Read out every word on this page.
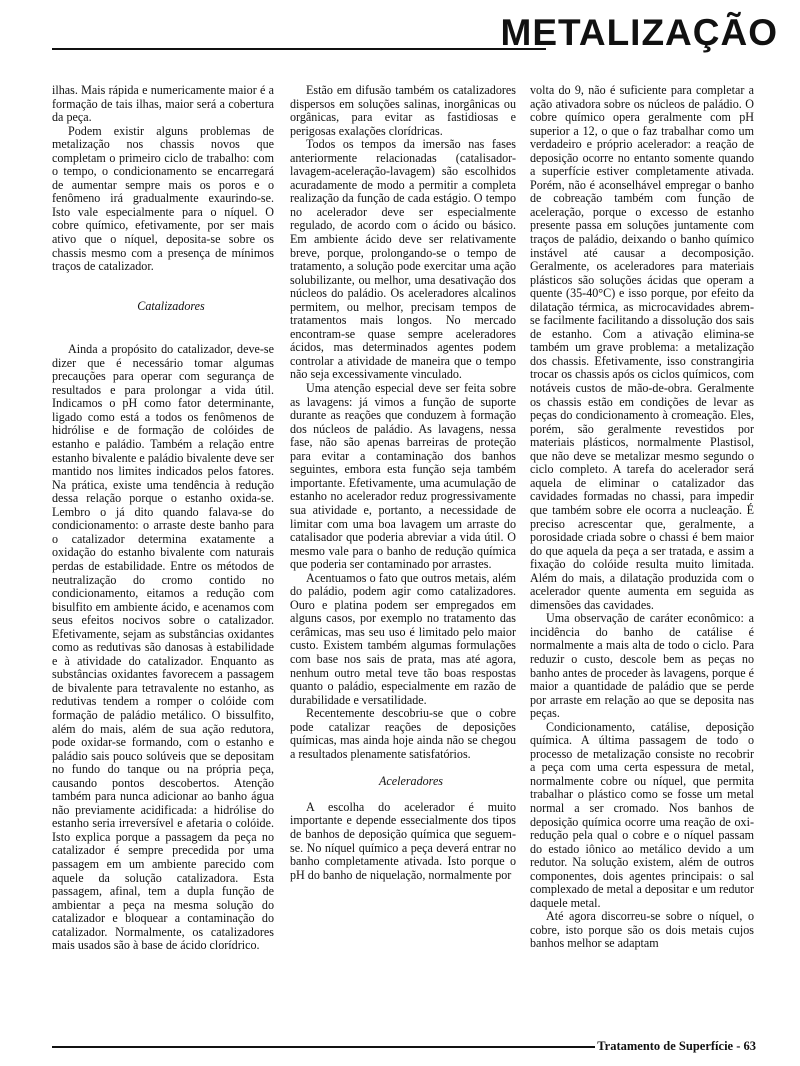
METALIZAÇÃO

ilhas. Mais rápida e numericamente maior é a formação de tais ilhas, maior será a cobertura da peça.

Podem existir alguns problemas de metalização nos chassis novos que completam o primeiro ciclo de trabalho: com o tempo, o condicionamento se encarregará de aumentar sempre mais os poros e o fenômeno irá gradualmente exaurindo-se. Isto vale especialmente para o níquel. O cobre químico, efetivamente, por ser mais ativo que o níquel, deposita-se sobre os chassis mesmo com a presença de mínimos traços de catalizador.

Catalizadores

Ainda a propósito do catalizador, deve-se dizer que é necessário tomar algumas precauções para operar com segurança de resultados e para prolongar a vida útil. Indicamos o pH como fator determinante, ligado como está a todos os fenômenos de hidrólise e de formação de colóides de estanho e paládio. Também a relação entre estanho bivalente e paládio bivalente deve ser mantido nos limites indicados pelos fatores. Na prática, existe uma tendência à redução dessa relação porque o estanho oxida-se. Lembro o já dito quando falava-se do condicionamento: o arraste deste banho para o catalizador determina exatamente a oxidação do estanho bivalente com naturais perdas de estabilidade. Entre os métodos de neutralização do cromo contido no condicionamento, eitamos a redução com bisulfito em ambiente ácido, e acenamos com seus efeitos nocivos sobre o catalizador. Efetivamente, sejam as substâncias oxidantes como as redutivas são danosas à estabilidade e à atividade do catalizador. Enquanto as substâncias oxidantes favorecem a passagem de bivalente para tetravalente no estanho, as redutivas tendem a romper o colóide com formação de paládio metálico. O bissulfito, além do mais, além de sua ação redutora, pode oxidar-se formando, com o estanho e paládio sais pouco solúveis que se depositam no fundo do tanque ou na própria peça, causando pontos descobertos. Atenção também para nunca adicionar ao banho água não previamente acidificada: a hidrólise do estanho seria irreversível e afetaria o colóide. Isto explica porque a passagem da peça no catalizador é sempre precedida por uma passagem em um ambiente parecido com aquele da solução catalizadora. Esta passagem, afinal, tem a dupla função de ambientar a peça na mesma solução do catalizador e bloquear a contaminação do catalizador. Normalmente, os catalizadores mais usados são à base de ácido clorídrico.

Estão em difusão também os catalizadores dispersos em soluções salinas, inorgânicas ou orgânicas, para evitar as fastidiosas e perigosas exalações clorídricas.

Todos os tempos da imersão nas fases anteriormente relacionadas (catalisador- lavagem-aceleração-lavagem) são escolhidos acuradamente de modo a permitir a completa realização da função de cada estágio. O tempo no acelerador deve ser especialmente regulado, de acordo com o ácido ou básico. Em ambiente ácido deve ser relativamente breve, porque, prolongando-se o tempo de tratamento, a solução pode exercitar uma ação solubilizante, ou melhor, uma desativação dos núcleos do paládio. Os aceleradores alcalinos permitem, ou melhor, precisam tempos de tratamentos mais longos. No mercado encontram-se quase sempre aceleradores ácidos, mas determinados agentes podem controlar a atividade de maneira que o tempo não seja excessivamente vinculado.

Uma atenção especial deve ser feita sobre as lavagens: já vimos a função de suporte durante as reações que conduzem à formação dos núcleos de paládio. As lavagens, nessa fase, não são apenas barreiras de proteção para evitar a contaminação dos banhos seguintes, embora esta função seja também importante. Efetivamente, uma acumulação de estanho no acelerador reduz progressivamente sua atividade e, portanto, a necessidade de limitar com uma boa lavagem um arraste do catalisador que poderia abreviar a vida útil. O mesmo vale para o banho de redução química que poderia ser contaminado por arrastes.

Acentuamos o fato que outros metais, além do paládio, podem agir como catalizadores. Ouro e platina podem ser empregados em alguns casos, por exemplo no tratamento das cerâmicas, mas seu uso é limitado pelo maior custo. Existem também algumas formulações com base nos sais de prata, mas até agora, nenhum outro metal teve tão boas respostas quanto o paládio, especialmente em razão de durabilidade e versatilidade.

Recentemente descobriu-se que o cobre pode catalizar reações de deposições químicas, mas ainda hoje ainda não se chegou a resultados plenamente satisfatórios.

Aceleradores

A escolha do acelerador é muito importante e depende essecialmente dos tipos de banhos de deposição química que seguem-se. No níquel químico a peça deverá entrar no banho completamente ativada. Isto porque o pH do banho de niquelação, normalmente por

volta do 9, não é suficiente para completar a ação ativadora sobre os núcleos de paládio. O cobre químico opera geralmente com pH superior a 12, o que o faz trabalhar como um verdadeiro e próprio acelerador: a reação de deposição ocorre no entanto somente quando a superfície estiver completamente ativada. Porém, não é aconselhável empregar o banho de cobreação também com função de aceleração, porque o excesso de estanho presente passa em soluções juntamente com traços de paládio, deixando o banho químico instável até causar a decomposição. Geralmente, os aceleradores para materiais plásticos são soluções ácidas que operam a quente (35-40°C) e isso porque, por efeito da dilatação térmica, as microcavidades abrem-se facilmente facilitando a dissolução dos sais de estanho. Com a ativação elimina-se também um grave problema: a metalização dos chassis. Efetivamente, isso constrangiria trocar os chassis após os ciclos químicos, com notáveis custos de mão-de-obra. Geralmente os chassis estão em condições de levar as peças do condicionamento à cromeação. Eles, porém, são geralmente revestidos por materiais plásticos, normalmente Plastisol, que não deve se metalizar mesmo segundo o ciclo completo. A tarefa do acelerador será aquela de eliminar o catalizador das cavidades formadas no chassi, para impedir que também sobre ele ocorra a nucleação. É preciso acrescentar que, geralmente, a porosidade criada sobre o chassi é bem maior do que aquela da peça a ser tratada, e assim a fixação do colóide resulta muito limitada. Além do mais, a dilatação produzida com o acelerador quente aumenta em seguida as dimensões das cavidades.

Uma observação de caráter econômico: a incidência do banho de catálise é normalmente a mais alta de todo o ciclo. Para reduzir o custo, descole bem as peças no banho antes de proceder às lavagens, porque é maior a quantidade de paládio que se perde por arraste em relação ao que se deposita nas peças.

Condicionamento, catálise, deposição química. A última passagem de todo o processo de metalização consiste no recobrir a peça com uma certa espessura de metal, normalmente cobre ou níquel, que permita trabalhar o plástico como se fosse um metal normal a ser cromado. Nos banhos de deposição química ocorre uma reação de oxi-redução pela qual o cobre e o níquel passam do estado iônico ao metálico devido a um redutor. Na solução existem, além de outros componentes, dois agentes principais: o sal complexado de metal a depositar e um redutor daquele metal.

Até agora discorreu-se sobre o níquel, o cobre, isto porque são os dois metais cujos banhos melhor se adaptam

Tratamento de Superfície - 63
